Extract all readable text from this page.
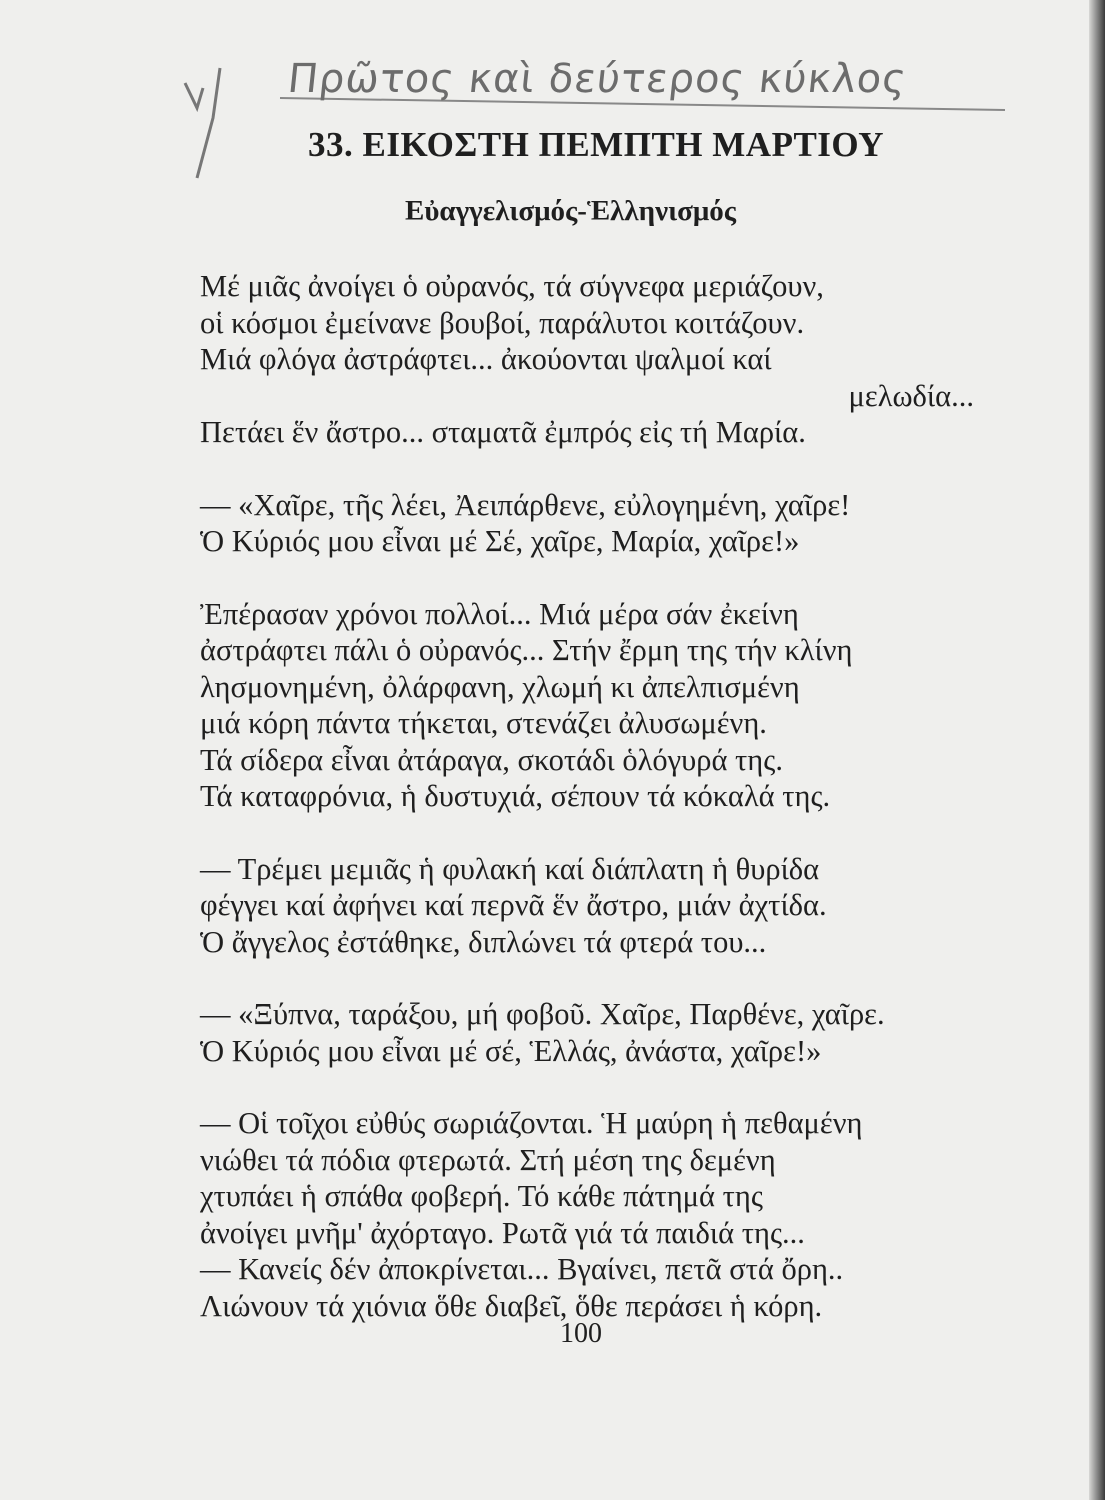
Πρῶτος καὶ δεύτερος κύκλος
33. ΕΙΚΟΣΤΗ ΠΕΜΠΤΗ ΜΑΡΤΙΟΥ
Εὐαγγελισμός-Ἑλληνισμός
Μέ μιᾶς ἀνοίγει ὁ οὐρανός, τά σύγνεφα μεριάζουν,
οἱ κόσμοι ἐμείνανε βουβοί, παράλυτοι κοιτάζουν.
Μιά φλόγα ἀστράφτει... ἀκούονται ψαλμοί καί
μελωδία...
Πετάει ἕν ἄστρο... σταματᾶ ἐμπρός εἰς τή Μαρία.
— «Χαῖρε, τῆς λέει, Ἀειπάρθενε, εὐλογημένη, χαῖρε!
Ὁ Κύριός μου εἶναι μέ Σέ, χαῖρε, Μαρία, χαῖρε!»
Ἐπέρασαν χρόνοι πολλοί... Μιά μέρα σάν ἐκείνη
ἀστράφτει πάλι ὁ οὐρανός... Στήν ἔρμη της τήν κλίνη
λησμονημένη, ὀλάρφανη, χλωμή κι ἀπελπισμένη
μιά κόρη πάντα τήκεται, στενάζει ἀλυσωμένη.
Τά σίδερα εἶναι ἀτάραγα, σκοτάδι ὁλόγυρά της.
Τά καταφρόνια, ἡ δυστυχιά, σέπουν τά κόκαλά της.
— Τρέμει μεμιᾶς ἡ φυλακή καί διάπλατη ἡ θυρίδα
φέγγει καί ἀφήνει καί περνᾶ ἕν ἄστρο, μιάν ἀχτίδα.
Ὁ ἄγγελος ἐστάθηκε, διπλώνει τά φτερά του...
— «Ξύπνα, ταράξου, μή φοβοῦ. Χαῖρε, Παρθένε, χαῖρε.
Ὁ Κύριός μου εἶναι μέ σέ, Ἑλλάς, ἀνάστα, χαῖρε!»
— Οἱ τοῖχοι εὐθύς σωριάζονται. Ἡ μαύρη ἡ πεθαμένη
νιώθει τά πόδια φτερωτά. Στή μέση της δεμένη
χτυπάει ἡ σπάθα φοβερή. Τό κάθε πάτημά της
ἀνοίγει μνῆμ' ἀχόρταγο. Ρωτᾶ γιά τά παιδιά της...
— Κανείς δέν ἀποκρίνεται... Βγαίνει, πετᾶ στά ὄρη..
Λιώνουν τά χιόνια ὅθε διαβεῖ, ὅθε περάσει ἡ κόρη.
100
